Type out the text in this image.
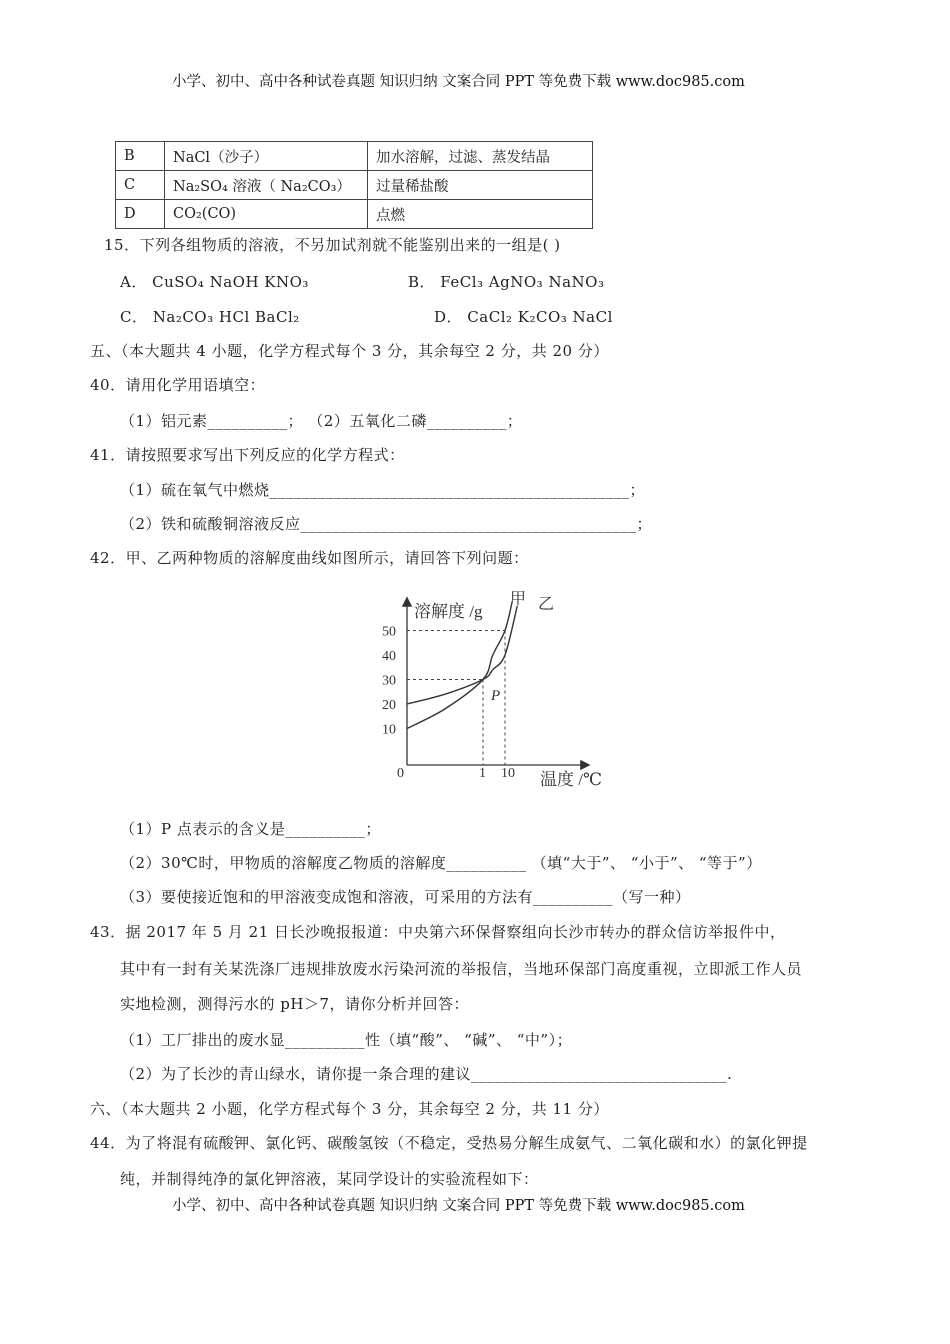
小学、初中、高中各种试卷真题 知识归纳 文案合同 PPT 等免费下载 www.doc985.com
B	NaCl（沙子）	加水溶解，过滤、蒸发结晶
C	Na₂SO₄ 溶液（ Na₂CO₃）	过量稀盐酸
D	CO₂(CO)	点燃
15．下列各组物质的溶液，不另加试剂就不能鉴别出来的一组是( )
A． CuSO₄ NaOH KNO₃	B． FeCl₃ AgNO₃ NaNO₃
C． Na₂CO₃ HCl BaCl₂	D． CaCl₂ K₂CO₃ NaCl
五、（本大题共 4 小题，化学方程式每个 3 分，其余每空 2 分，共 20 分）
40．请用化学用语填空：
（1）铝元素__________； （2）五氧化二磷__________；
41．请按照要求写出下列反应的化学方程式：
（1）硫在氧气中燃烧_____________________________________________；
（2）铁和硫酸铜溶液反应__________________________________________；
42．甲、乙两种物质的溶解度曲线如图所示，请回答下列问题：
溶解度 /g
温度 /℃
0
10
20
30
40
50
1 10
P
甲 乙
（1）P 点表示的含义是__________；
（2）30℃时，甲物质的溶解度乙物质的溶解度__________ （填“大于”、 “小于”、 “等于”）
（3）要使接近饱和的甲溶液变成饱和溶液，可采用的方法有__________（写一种）
43．据 2017 年 5 月 21 日长沙晚报报道：中央第六环保督察组向长沙市转办的群众信访举报件中，
其中有一封有关某洗涤厂违规排放废水污染河流的举报信，当地环保部门高度重视，立即派工作人员
实地检测，测得污水的 pH＞7，请你分析并回答：
（1）工厂排出的废水显__________性（填“酸”、 “碱”、 “中”）；
（2）为了长沙的青山绿水，请你提一条合理的建议________________________________.
六、（本大题共 2 小题，化学方程式每个 3 分，其余每空 2 分，共 11 分）
44．为了将混有硫酸钾、氯化钙、碳酸氢铵（不稳定，受热易分解生成氨气、二氧化碳和水）的氯化钾提
纯，并制得纯净的氯化钾溶液，某同学设计的实验流程如下：
小学、初中、高中各种试卷真题 知识归纳 文案合同 PPT 等免费下载 www.doc985.com
